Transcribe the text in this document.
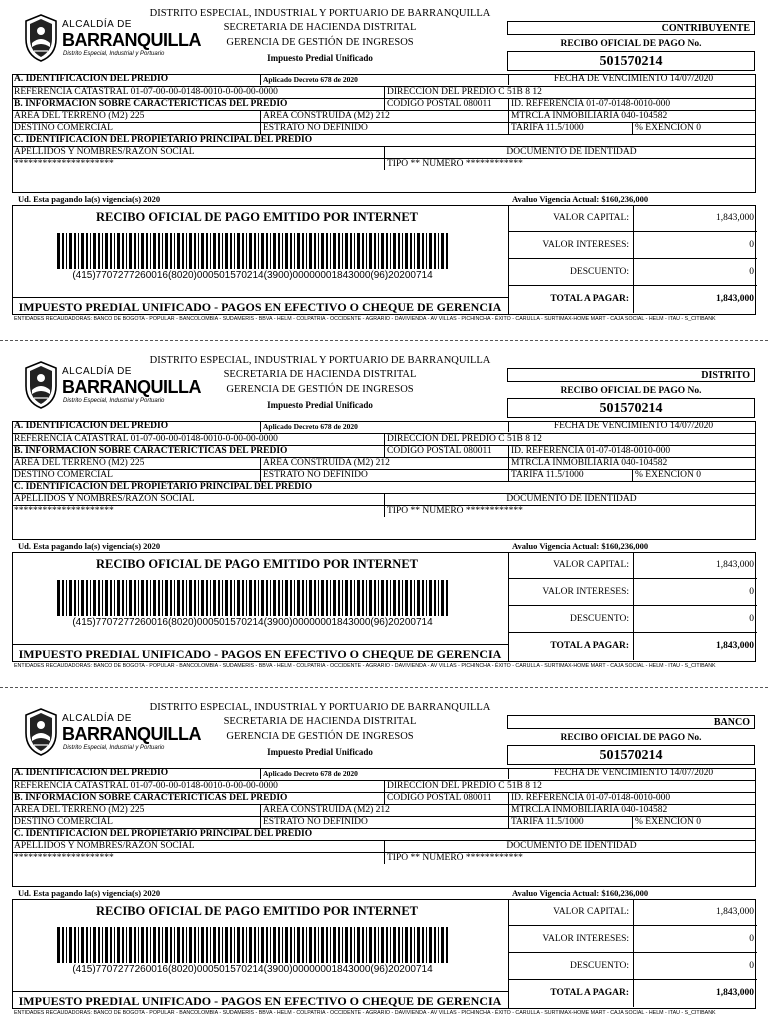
ALCALDÍA DE
BARRANQUILLA
Distrito Especial, Industrial y Portuario
DISTRITO ESPECIAL, INDUSTRIAL Y PORTUARIO DE BARRANQUILLA
SECRETARIA DE HACIENDA DISTRITAL
GERENCIA DE GESTIÓN DE INGRESOS
Impuesto Predial Unificado
CONTRIBUYENTE
RECIBO OFICIAL DE PAGO No.
501570214
A. IDENTIFICACION DEL PREDIO	Aplicado Decreto 678 de 2020	FECHA DE VENCIMIENTO 14/07/2020
REFERENCIA CATASTRAL 01-07-00-00-0148-0010-0-00-00-0000	DIRECCION DEL PREDIO C 51B 8 12
B. INFORMACION SOBRE CARACTERICTICAS DEL PREDIO	CODIGO POSTAL 080011	ID. REFERENCIA 01-07-0148-0010-000
AREA DEL TERRENO (M2) 225	AREA CONSTRUIDA (M2) 212	MTRCLA INMOBILIARIA 040-104582
DESTINO COMERCIAL	ESTRATO NO DEFINIDO	TARIFA 11.5/1000	% EXENCION 0
C. IDENTIFICACION DEL PROPIETARIO PRINCIPAL DEL PREDIO
APELLIDOS Y NOMBRES/RAZON SOCIAL	DOCUMENTO DE IDENTIDAD
*********************	TIPO ** NUMERO ************
Ud. Esta pagando la(s) vigencia(s) 2020	Avaluo Vigencia Actual: $160,236,000
RECIBO OFICIAL DE PAGO EMITIDO POR INTERNET
(415)7707277260016(8020)000501570214(3900)00000001843000(96)20200714
VALOR CAPITAL:	1,843,000
VALOR INTERESES:	0
DESCUENTO:	0
TOTAL A PAGAR:	1,843,000
IMPUESTO PREDIAL UNIFICADO - PAGOS EN EFECTIVO O CHEQUE DE GERENCIA
ENTIDADES RECAUDADORAS: BANCO DE BOGOTA - POPULAR - BANCOLOMBIA - SUDAMERIS - BBVA - HELM - COLPATRIA - OCCIDENTE - AGRARIO - DAVIVIENDA - AV VILLAS - PICHINCHA - ÉXITO - CARULLA - SURTIMAX-HOME MART - CAJA SOCIAL - HELM - ITAU - S_CITIBANK
ALCALDÍA DE
BARRANQUILLA
Distrito Especial, Industrial y Portuario
DISTRITO ESPECIAL, INDUSTRIAL Y PORTUARIO DE BARRANQUILLA
SECRETARIA DE HACIENDA DISTRITAL
GERENCIA DE GESTIÓN DE INGRESOS
Impuesto Predial Unificado
DISTRITO
RECIBO OFICIAL DE PAGO No.
501570214
A. IDENTIFICACION DEL PREDIO	Aplicado Decreto 678 de 2020	FECHA DE VENCIMIENTO 14/07/2020
REFERENCIA CATASTRAL 01-07-00-00-0148-0010-0-00-00-0000	DIRECCION DEL PREDIO C 51B 8 12
B. INFORMACION SOBRE CARACTERICTICAS DEL PREDIO	CODIGO POSTAL 080011	ID. REFERENCIA 01-07-0148-0010-000
AREA DEL TERRENO (M2) 225	AREA CONSTRUIDA (M2) 212	MTRCLA INMOBILIARIA 040-104582
DESTINO COMERCIAL	ESTRATO NO DEFINIDO	TARIFA 11.5/1000	% EXENCION 0
C. IDENTIFICACION DEL PROPIETARIO PRINCIPAL DEL PREDIO
APELLIDOS Y NOMBRES/RAZON SOCIAL	DOCUMENTO DE IDENTIDAD
*********************	TIPO ** NUMERO ************
Ud. Esta pagando la(s) vigencia(s) 2020	Avaluo Vigencia Actual: $160,236,000
RECIBO OFICIAL DE PAGO EMITIDO POR INTERNET
(415)7707277260016(8020)000501570214(3900)00000001843000(96)20200714
VALOR CAPITAL:	1,843,000
VALOR INTERESES:	0
DESCUENTO:	0
TOTAL A PAGAR:	1,843,000
IMPUESTO PREDIAL UNIFICADO - PAGOS EN EFECTIVO O CHEQUE DE GERENCIA
ENTIDADES RECAUDADORAS: BANCO DE BOGOTA - POPULAR - BANCOLOMBIA - SUDAMERIS - BBVA - HELM - COLPATRIA - OCCIDENTE - AGRARIO - DAVIVIENDA - AV VILLAS - PICHINCHA - ÉXITO - CARULLA - SURTIMAX-HOME MART - CAJA SOCIAL - HELM - ITAU - S_CITIBANK
ALCALDÍA DE
BARRANQUILLA
Distrito Especial, Industrial y Portuario
DISTRITO ESPECIAL, INDUSTRIAL Y PORTUARIO DE BARRANQUILLA
SECRETARIA DE HACIENDA DISTRITAL
GERENCIA DE GESTIÓN DE INGRESOS
Impuesto Predial Unificado
BANCO
RECIBO OFICIAL DE PAGO No.
501570214
A. IDENTIFICACION DEL PREDIO	Aplicado Decreto 678 de 2020	FECHA DE VENCIMIENTO 14/07/2020
REFERENCIA CATASTRAL 01-07-00-00-0148-0010-0-00-00-0000	DIRECCION DEL PREDIO C 51B 8 12
B. INFORMACION SOBRE CARACTERICTICAS DEL PREDIO	CODIGO POSTAL 080011	ID. REFERENCIA 01-07-0148-0010-000
AREA DEL TERRENO (M2) 225	AREA CONSTRUIDA (M2) 212	MTRCLA INMOBILIARIA 040-104582
DESTINO COMERCIAL	ESTRATO NO DEFINIDO	TARIFA 11.5/1000	% EXENCION 0
C. IDENTIFICACION DEL PROPIETARIO PRINCIPAL DEL PREDIO
APELLIDOS Y NOMBRES/RAZON SOCIAL	DOCUMENTO DE IDENTIDAD
*********************	TIPO ** NUMERO ************
Ud. Esta pagando la(s) vigencia(s) 2020	Avaluo Vigencia Actual: $160,236,000
RECIBO OFICIAL DE PAGO EMITIDO POR INTERNET
(415)7707277260016(8020)000501570214(3900)00000001843000(96)20200714
VALOR CAPITAL:	1,843,000
VALOR INTERESES:	0
DESCUENTO:	0
TOTAL A PAGAR:	1,843,000
IMPUESTO PREDIAL UNIFICADO - PAGOS EN EFECTIVO O CHEQUE DE GERENCIA
ENTIDADES RECAUDADORAS: BANCO DE BOGOTA - POPULAR - BANCOLOMBIA - SUDAMERIS - BBVA - HELM - COLPATRIA - OCCIDENTE - AGRARIO - DAVIVIENDA - AV VILLAS - PICHINCHA - ÉXITO - CARULLA - SURTIMAX-HOME MART - CAJA SOCIAL - HELM - ITAU - S_CITIBANK
